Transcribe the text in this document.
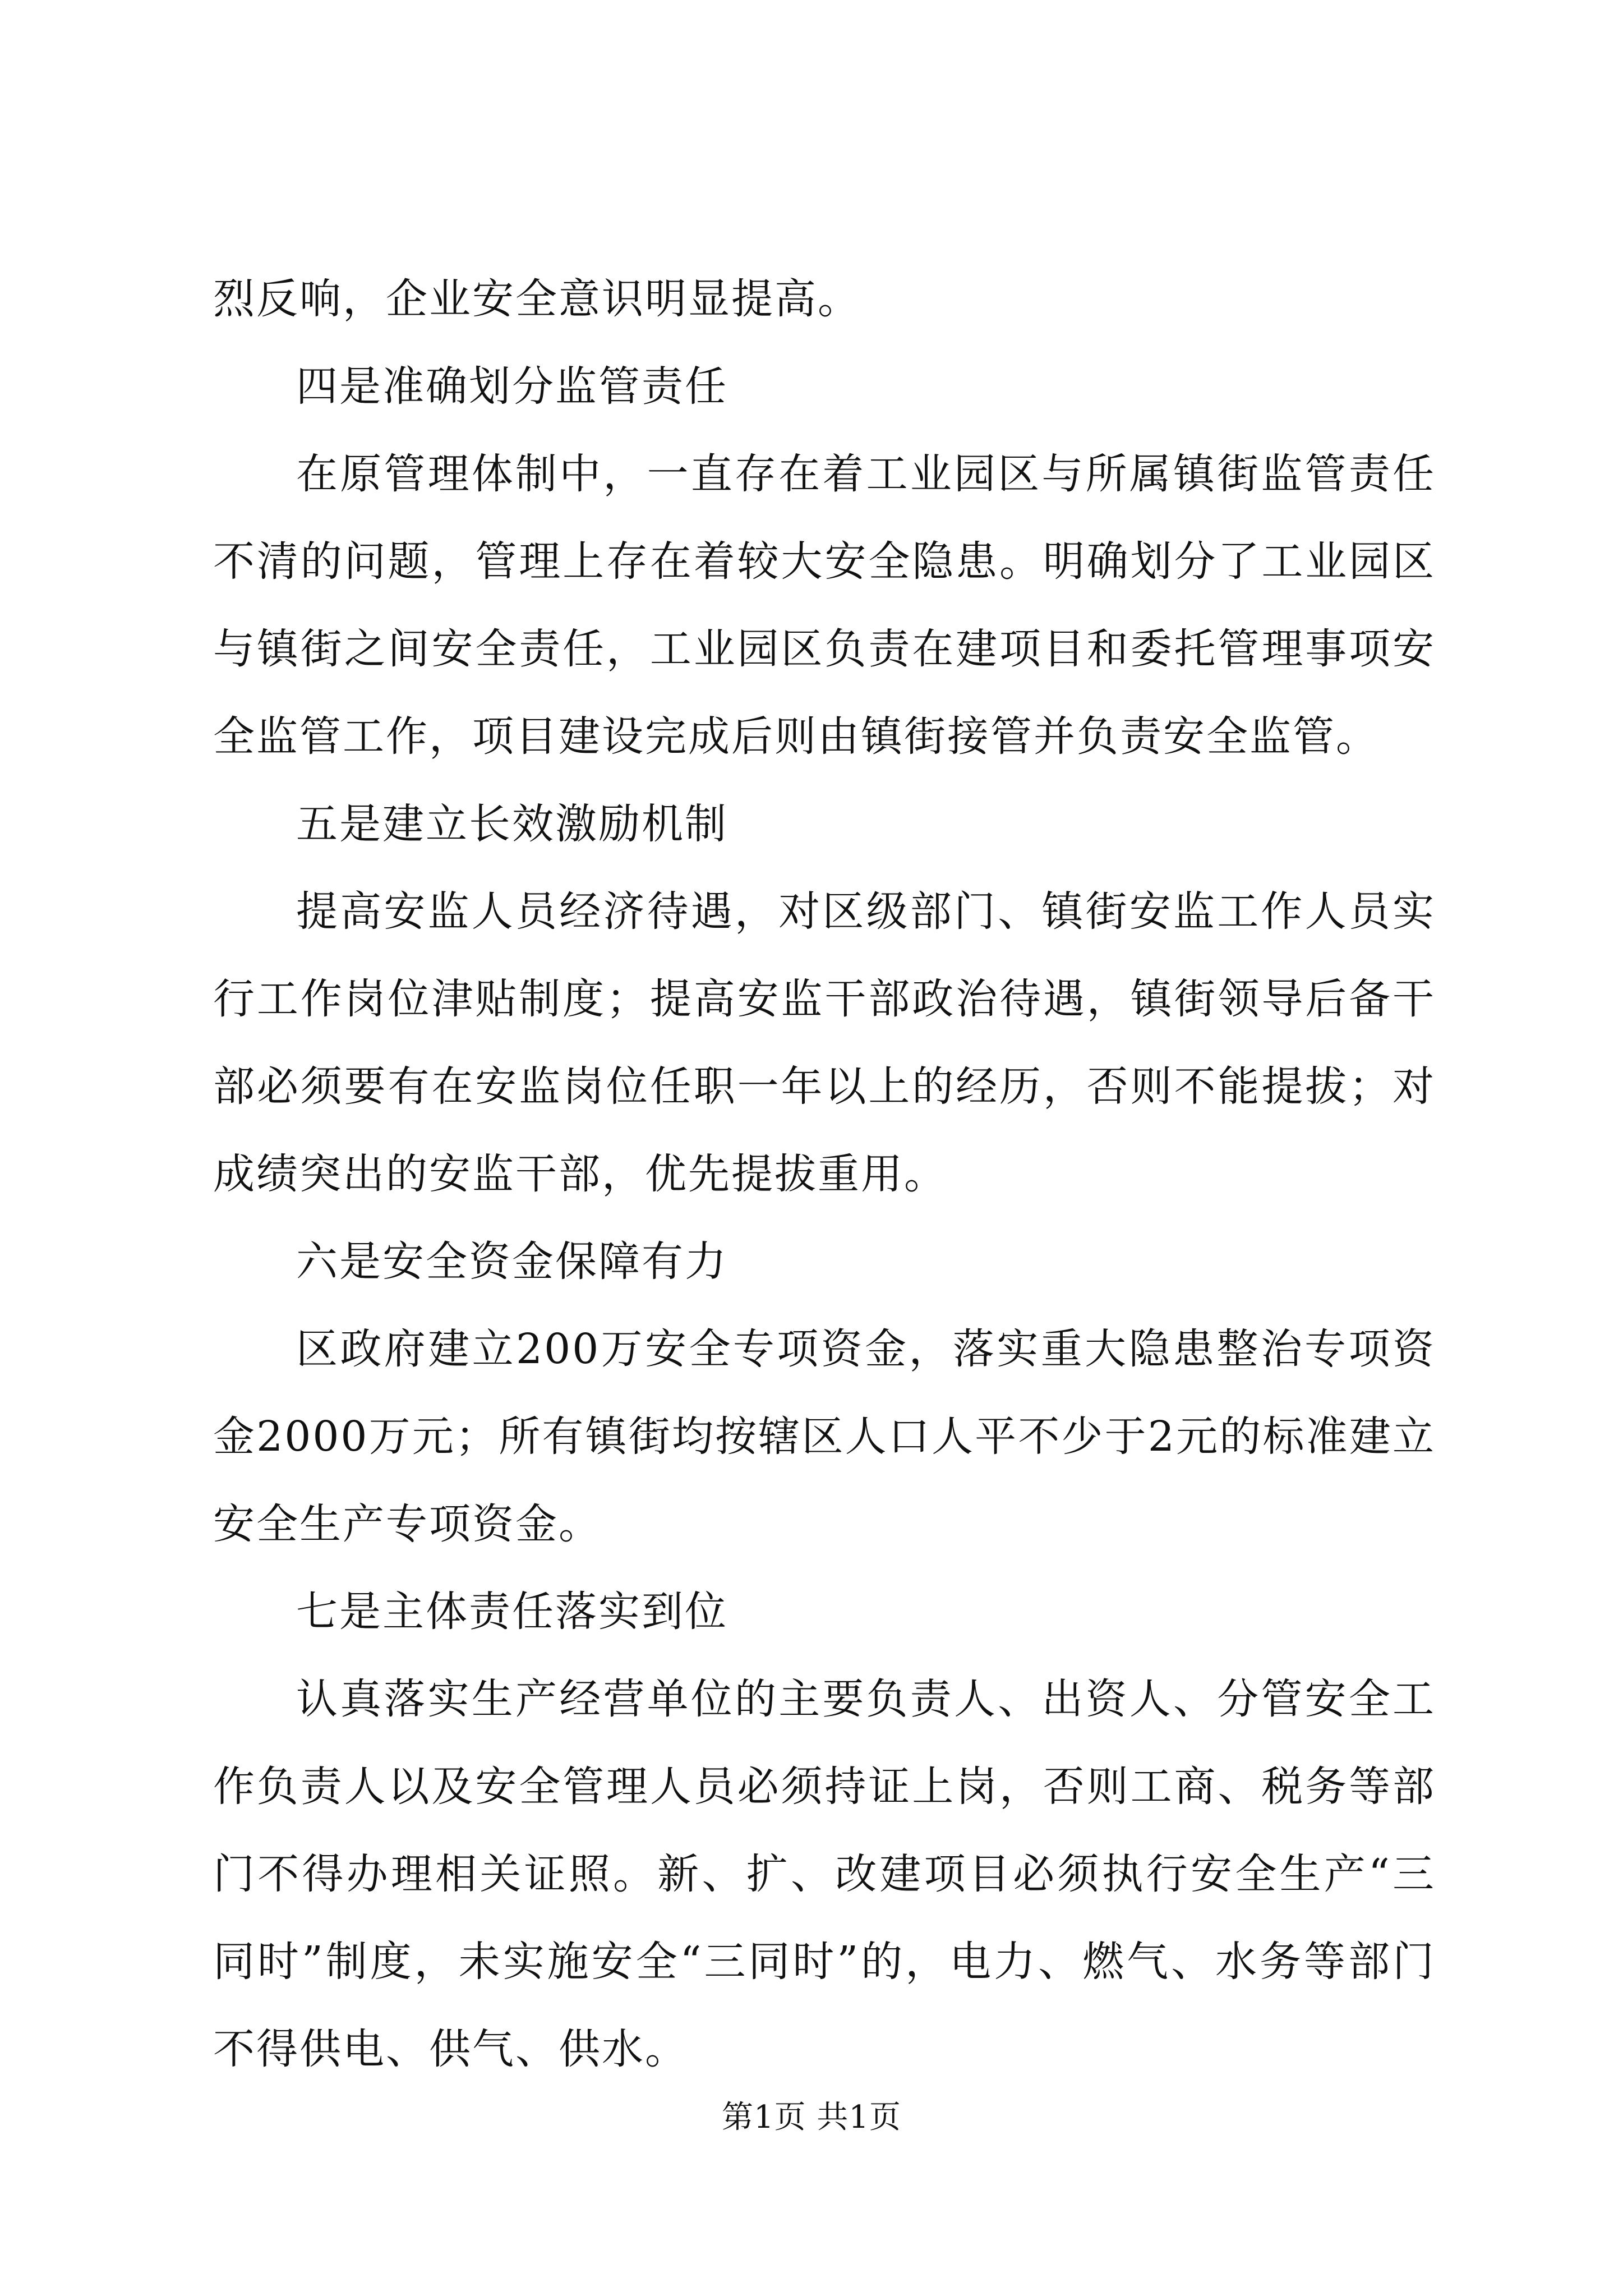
烈反响，企业安全意识明显提高。

四是准确划分监管责任

在原管理体制中，一直存在着工业园区与所属镇街监管责任不清的问题，管理上存在着较大安全隐患。明确划分了工业园区与镇街之间安全责任，工业园区负责在建项目和委托管理事项安全监管工作，项目建设完成后则由镇街接管并负责安全监管。

五是建立长效激励机制

提高安监人员经济待遇，对区级部门、镇街安监工作人员实行工作岗位津贴制度；提高安监干部政治待遇，镇街领导后备干部必须要有在安监岗位任职一年以上的经历，否则不能提拔；对成绩突出的安监干部，优先提拔重用。

六是安全资金保障有力

区政府建立200万安全专项资金，落实重大隐患整治专项资金2000万元；所有镇街均按辖区人口人平不少于2元的标准建立安全生产专项资金。

七是主体责任落实到位

认真落实生产经营单位的主要负责人、出资人、分管安全工作负责人以及安全管理人员必须持证上岗，否则工商、税务等部门不得办理相关证照。新、扩、改建项目必须执行安全生产“三同时”制度，未实施安全“三同时”的，电力、燃气、水务等部门不得供电、供气、供水。

第1页 共1页
